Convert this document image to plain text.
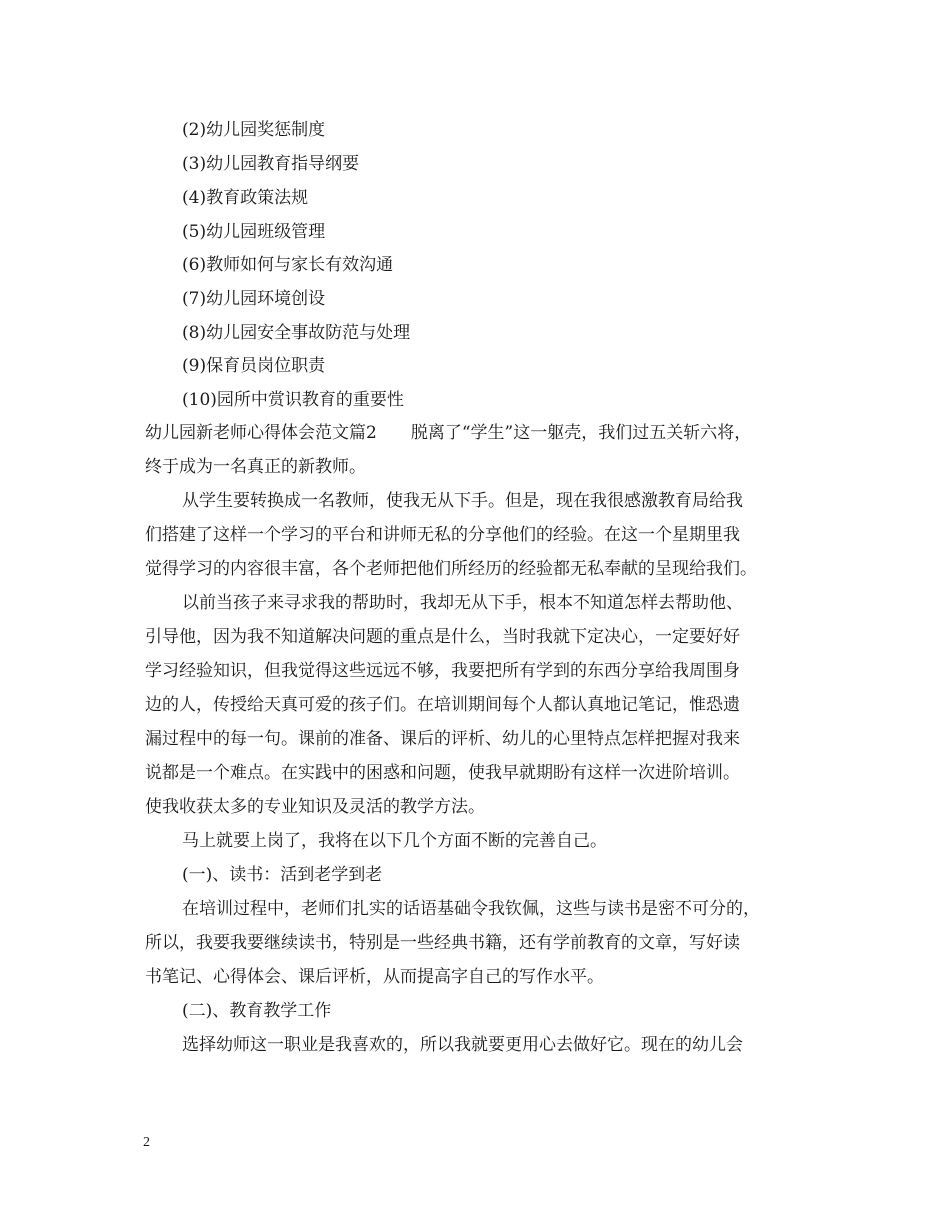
(2)幼儿园奖惩制度
(3)幼儿园教育指导纲要
(4)教育政策法规
(5)幼儿园班级管理
(6)教师如何与家长有效沟通
(7)幼儿园环境创设
(8)幼儿园安全事故防范与处理
(9)保育员岗位职责
(10)园所中赏识教育的重要性
幼儿园新老师心得体会范文篇2　　脱离了“学生”这一躯壳，我们过五关斩六将，
终于成为一名真正的新教师。
从学生要转换成一名教师，使我无从下手。但是，现在我很感激教育局给我
们搭建了这样一个学习的平台和讲师无私的分享他们的经验。在这一个星期里我
觉得学习的内容很丰富，各个老师把他们所经历的经验都无私奉献的呈现给我们。
以前当孩子来寻求我的帮助时，我却无从下手，根本不知道怎样去帮助他、
引导他，因为我不知道解决问题的重点是什么，当时我就下定决心，一定要好好
学习经验知识，但我觉得这些远远不够，我要把所有学到的东西分享给我周围身
边的人，传授给天真可爱的孩子们。在培训期间每个人都认真地记笔记，惟恐遗
漏过程中的每一句。课前的准备、课后的评析、幼儿的心里特点怎样把握对我来
说都是一个难点。在实践中的困惑和问题，使我早就期盼有这样一次进阶培训。
使我收获太多的专业知识及灵活的教学方法。
马上就要上岗了，我将在以下几个方面不断的完善自己。
(一)、读书：活到老学到老
在培训过程中，老师们扎实的话语基础令我钦佩，这些与读书是密不可分的，
所以，我要我要继续读书，特别是一些经典书籍，还有学前教育的文章，写好读
书笔记、心得体会、课后评析，从而提高字自己的写作水平。
(二)、教育教学工作
选择幼师这一职业是我喜欢的，所以我就要更用心去做好它。现在的幼儿会
2
